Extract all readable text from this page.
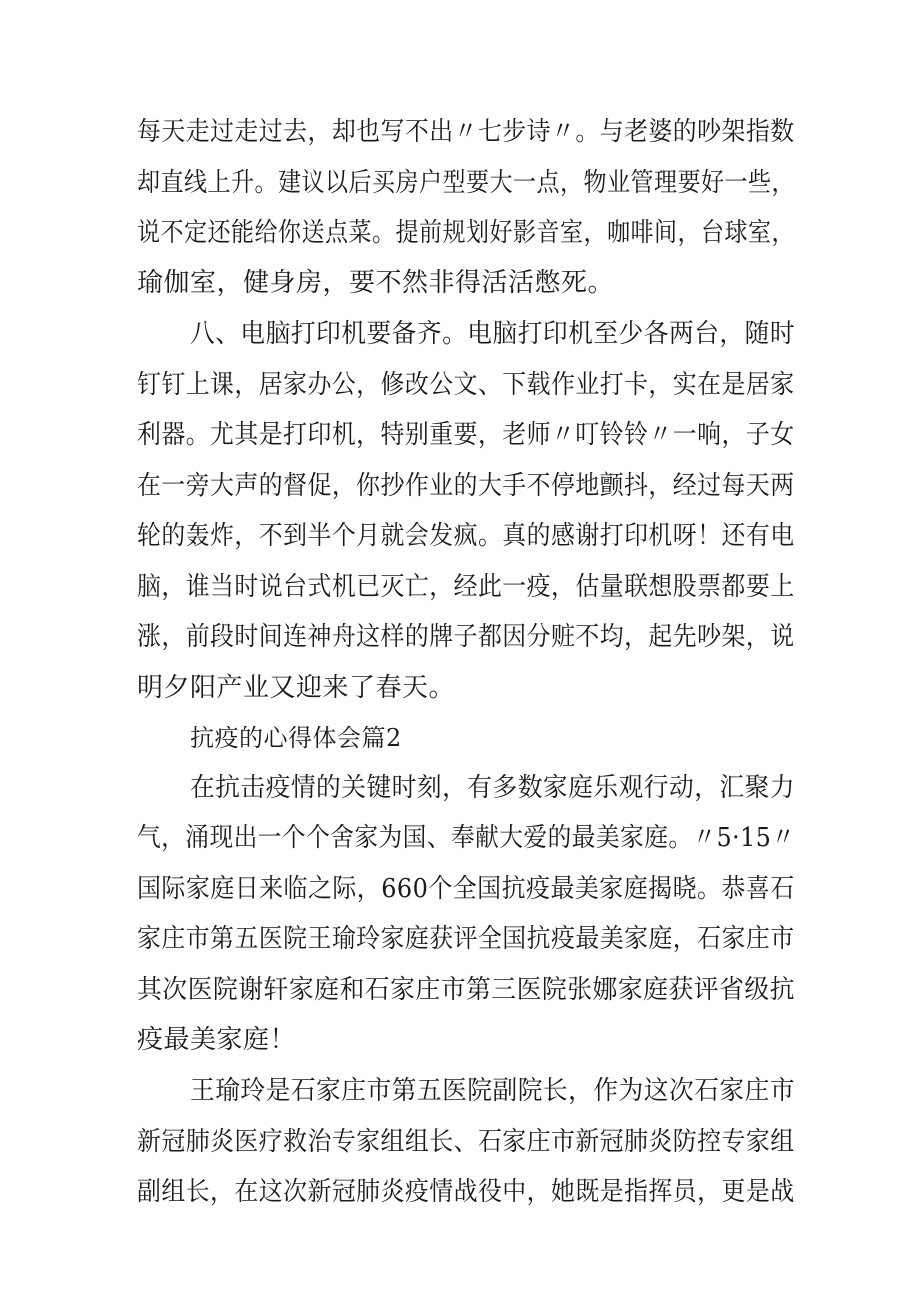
每天走过走过去，却也写不出〃七步诗〃。与老婆的吵架指数
却直线上升。建议以后买房户型要大一点，物业管理要好一些，
说不定还能给你送点菜。提前规划好影音室，咖啡间，台球室，
瑜伽室，健身房，要不然非得活活憋死。
八、电脑打印机要备齐。电脑打印机至少各两台，随时
钉钉上课，居家办公，修改公文、下载作业打卡，实在是居家
利器。尤其是打印机，特别重要，老师〃叮铃铃〃一响，子女
在一旁大声的督促，你抄作业的大手不停地颤抖，经过每天两
轮的轰炸，不到半个月就会发疯。真的感谢打印机呀！还有电
脑，谁当时说台式机已灭亡，经此一疫，估量联想股票都要上
涨，前段时间连神舟这样的牌子都因分赃不均，起先吵架，说
明夕阳产业又迎来了春天。
抗疫的心得体会篇2
在抗击疫情的关键时刻，有多数家庭乐观行动，汇聚力
气，涌现出一个个舍家为国、奉献大爱的最美家庭。〃5·15〃
国际家庭日来临之际，660个全国抗疫最美家庭揭晓。恭喜石
家庄市第五医院王瑜玲家庭获评全国抗疫最美家庭，石家庄市
其次医院谢轩家庭和石家庄市第三医院张娜家庭获评省级抗
疫最美家庭！
王瑜玲是石家庄市第五医院副院长，作为这次石家庄市
新冠肺炎医疗救治专家组组长、石家庄市新冠肺炎防控专家组
副组长，在这次新冠肺炎疫情战役中，她既是指挥员，更是战
